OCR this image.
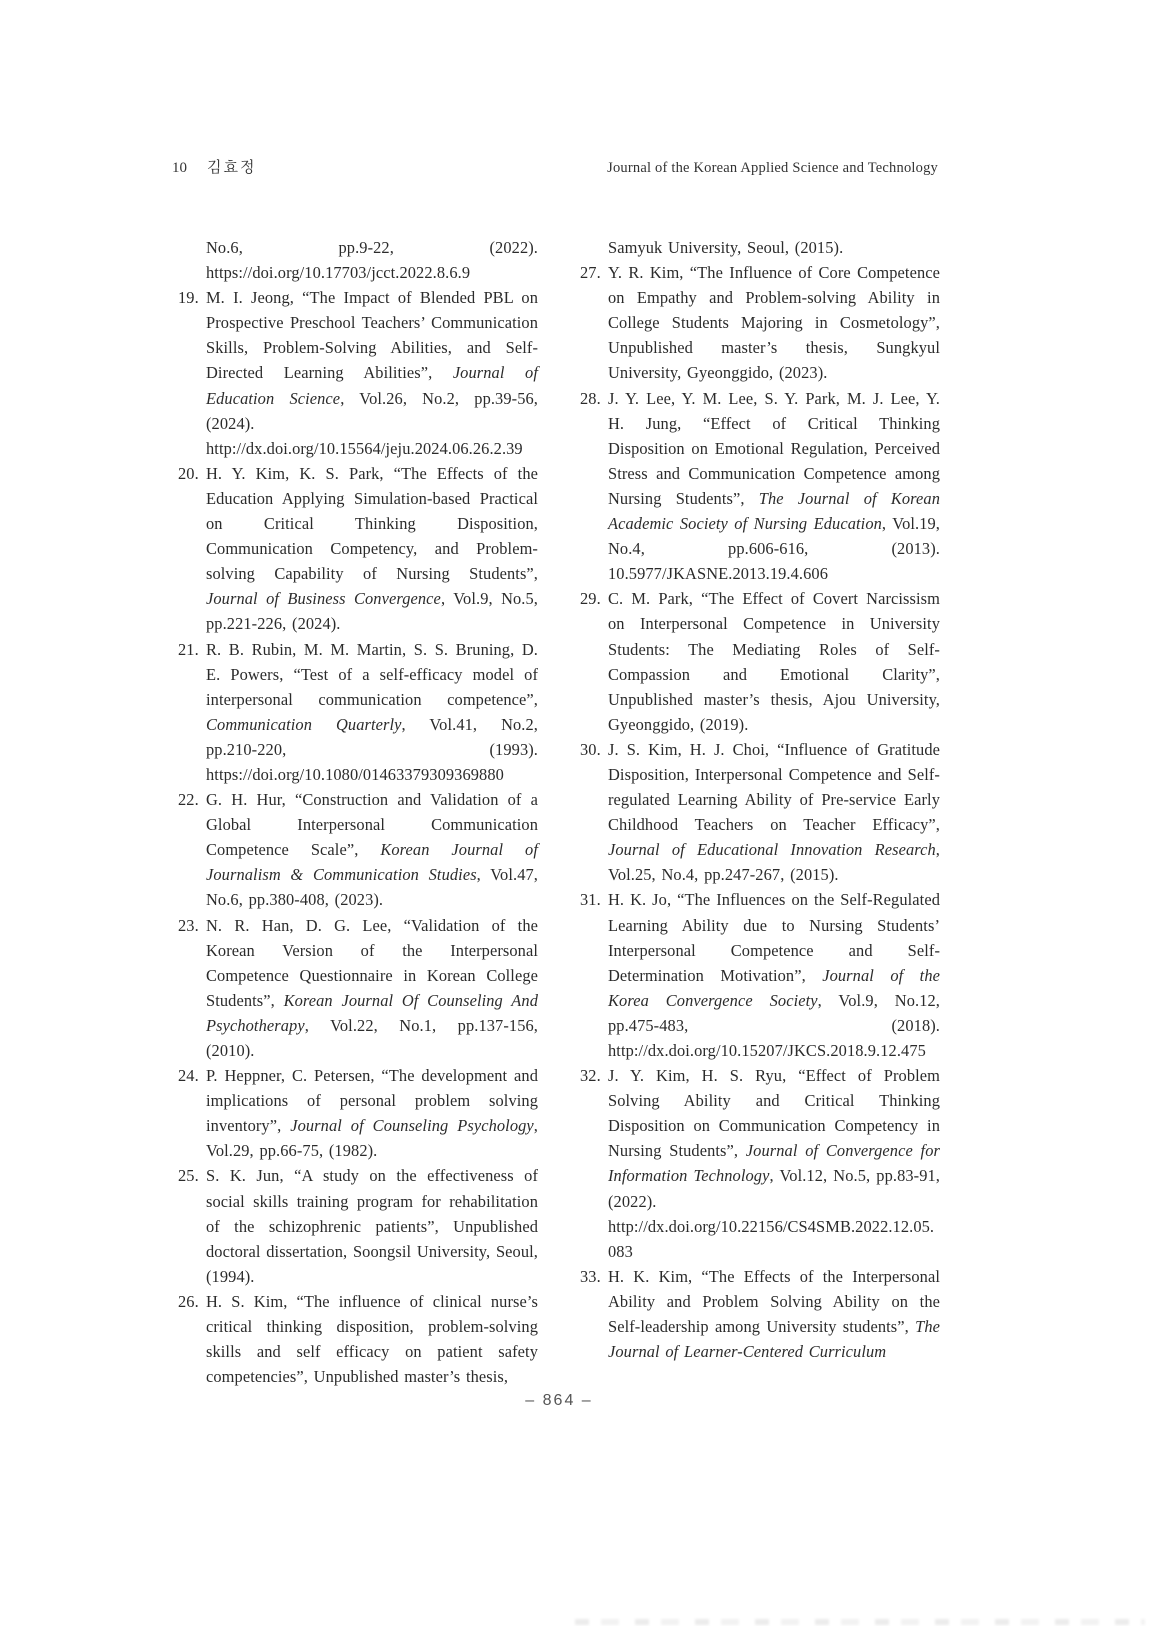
10 김효정	Journal of the Korean Applied Science and Technology
No.6, pp.9-22, (2022). https://doi.org/10.17703/jcct.2022.8.6.9
19. M. I. Jeong, “The Impact of Blended PBL on Prospective Preschool Teachers’ Communication Skills, Problem-Solving Abilities, and Self-Directed Learning Abilities”, Journal of Education Science, Vol.26, No.2, pp.39-56, (2024). http://dx.doi.org/10.15564/jeju.2024.06.26.2.39
20. H. Y. Kim, K. S. Park, “The Effects of the Education Applying Simulation-based Practical on Critical Thinking Disposition, Communication Competency, and Problem-solving Capability of Nursing Students”, Journal of Business Convergence, Vol.9, No.5, pp.221-226, (2024).
21. R. B. Rubin, M. M. Martin, S. S. Bruning, D. E. Powers, “Test of a self-efficacy model of interpersonal communication competence”, Communication Quarterly, Vol.41, No.2, pp.210-220, (1993). https://doi.org/10.1080/01463379309369880
22. G. H. Hur, “Construction and Validation of a Global Interpersonal Communication Competence Scale”, Korean Journal of Journalism & Communication Studies, Vol.47, No.6, pp.380-408, (2023).
23. N. R. Han, D. G. Lee, “Validation of the Korean Version of the Interpersonal Competence Questionnaire in Korean College Students”, Korean Journal Of Counseling And Psychotherapy, Vol.22, No.1, pp.137-156, (2010).
24. P. Heppner, C. Petersen, “The development and implications of personal problem solving inventory”, Journal of Counseling Psychology, Vol.29, pp.66-75, (1982).
25. S. K. Jun, “A study on the effectiveness of social skills training program for rehabilitation of the schizophrenic patients”, Unpublished doctoral dissertation, Soongsil University, Seoul, (1994).
26. H. S. Kim, “The influence of clinical nurse’s critical thinking disposition, problem-solving skills and self efficacy on patient safety competencies”, Unpublished master’s thesis,
Samyuk University, Seoul, (2015).
27. Y. R. Kim, “The Influence of Core Competence on Empathy and Problem-solving Ability in College Students Majoring in Cosmetology”, Unpublished master’s thesis, Sungkyul University, Gyeonggido, (2023).
28. J. Y. Lee, Y. M. Lee, S. Y. Park, M. J. Lee, Y. H. Jung, “Effect of Critical Thinking Disposition on Emotional Regulation, Perceived Stress and Communication Competence among Nursing Students”, The Journal of Korean Academic Society of Nursing Education, Vol.19, No.4, pp.606-616, (2013). 10.5977/JKASNE.2013.19.4.606
29. C. M. Park, “The Effect of Covert Narcissism on Interpersonal Competence in University Students: The Mediating Roles of Self-Compassion and Emotional Clarity”, Unpublished master’s thesis, Ajou University, Gyeonggido, (2019).
30. J. S. Kim, H. J. Choi, “Influence of Gratitude Disposition, Interpersonal Competence and Self-regulated Learning Ability of Pre-service Early Childhood Teachers on Teacher Efficacy”, Journal of Educational Innovation Research, Vol.25, No.4, pp.247-267, (2015).
31. H. K. Jo, “The Influences on the Self-Regulated Learning Ability due to Nursing Students’ Interpersonal Competence and Self-Determination Motivation”, Journal of the Korea Convergence Society, Vol.9, No.12, pp.475-483, (2018). http://dx.doi.org/10.15207/JKCS.2018.9.12.475
32. J. Y. Kim, H. S. Ryu, “Effect of Problem Solving Ability and Critical Thinking Disposition on Communication Competency in Nursing Students”, Journal of Convergence for Information Technology, Vol.12, No.5, pp.83-91, (2022). http://dx.doi.org/10.22156/CS4SMB.2022.12.05.083
33. H. K. Kim, “The Effects of the Interpersonal Ability and Problem Solving Ability on the Self-leadership among University students”, The Journal of Learner-Centered Curriculum
– 864 –
